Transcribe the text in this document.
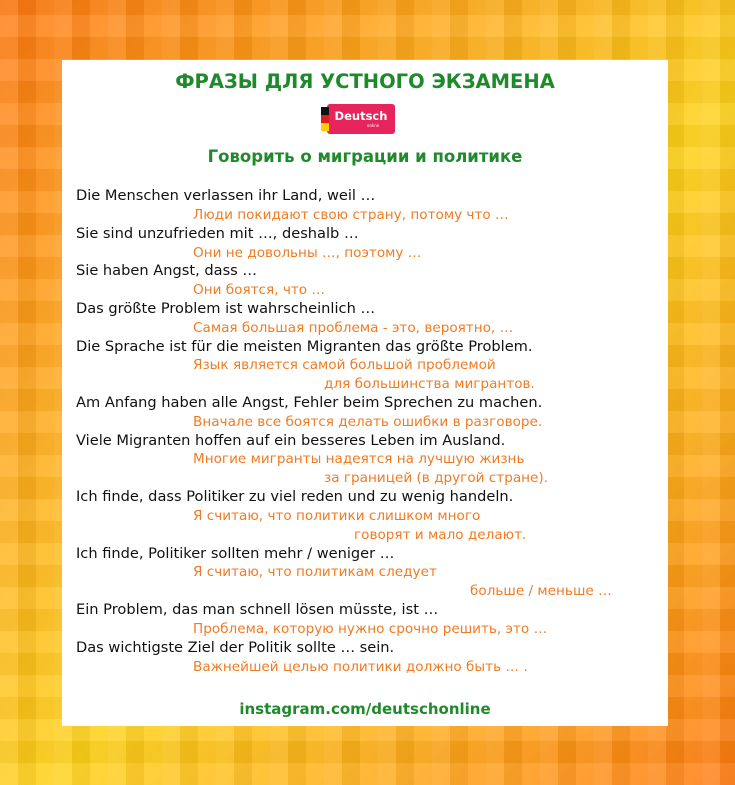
ФРАЗЫ ДЛЯ УСТНОГО ЭКЗАМЕНА
Deutsch
online
Говорить о миграции и политике
Die Menschen verlassen ihr Land, weil …
Люди покидают свою страну, потому что …
Sie sind unzufrieden mit …, deshalb …
Они не довольны …, поэтому …
Sie haben Angst, dass …
Они боятся, что …
Das größte Problem ist wahrscheinlich …
Самая большая проблема - это, вероятно, …
Die Sprache ist für die meisten Migranten das größte Problem.
Язык является самой большой проблемой
для большинства мигрантов.
Am Anfang haben alle Angst, Fehler beim Sprechen zu machen.
Вначале все боятся делать ошибки в разговоре.
Viele Migranten hoffen auf ein besseres Leben im Ausland.
Многие мигранты надеятся на лучшую жизнь
за границей (в другой стране).
Ich finde, dass Politiker zu viel reden und zu wenig handeln.
Я считаю, что политики слишком много
говорят и мало делают.
Ich finde, Politiker sollten mehr / weniger …
Я считаю, что политикам следует
больше / меньше …
Ein Problem, das man schnell lösen müsste, ist …
Проблема, которую нужно срочно решить, это …
Das wichtigste Ziel der Politik sollte … sein.
Важнейшей целью политики должно быть … .
instagram.com/deutschonline
